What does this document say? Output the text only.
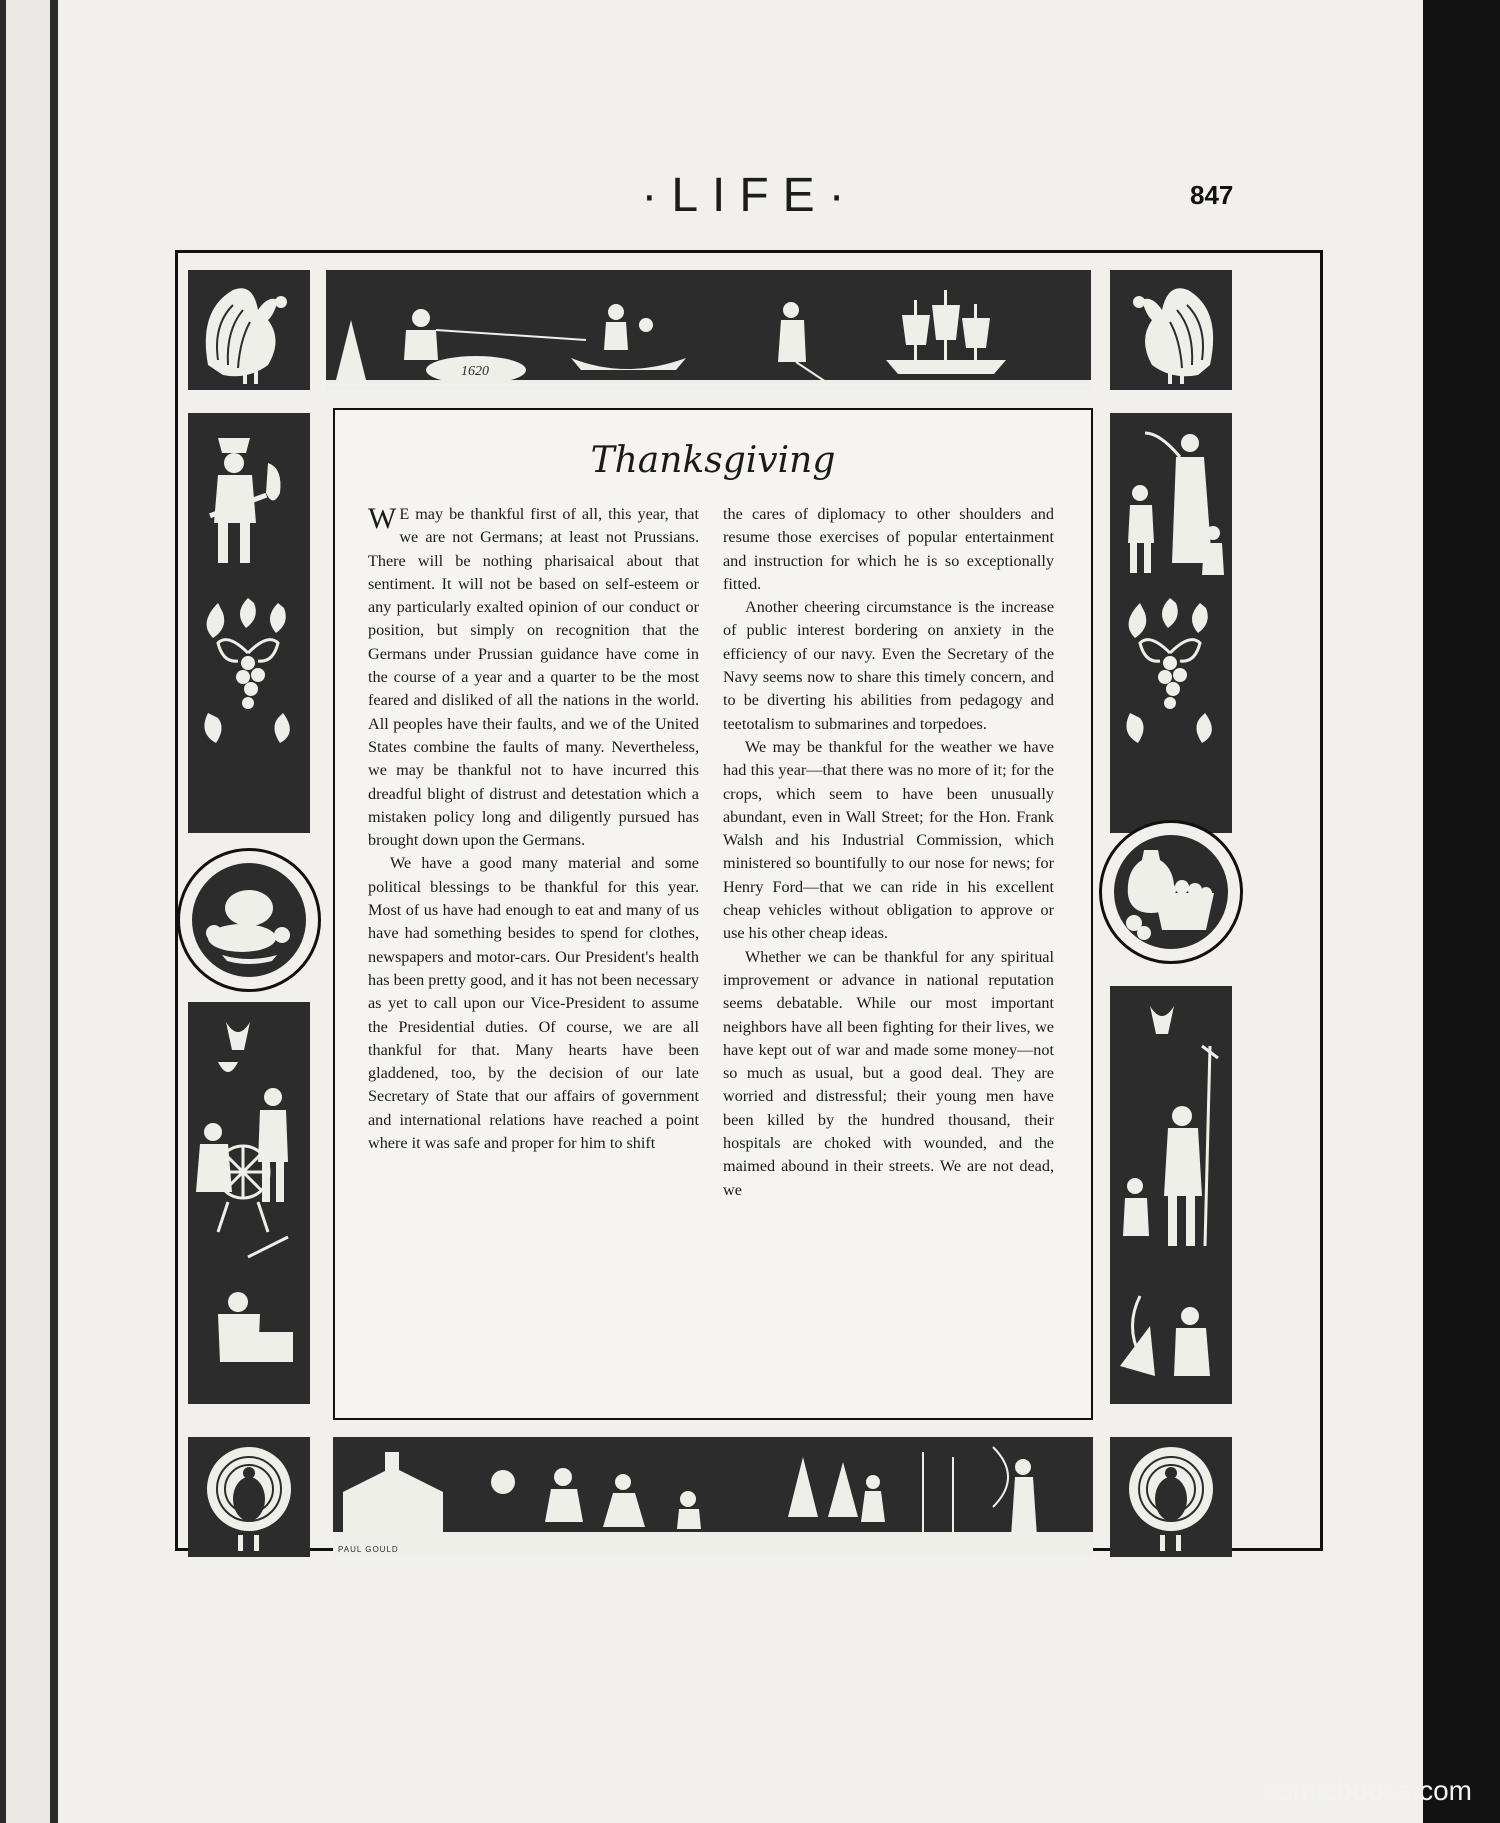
·LIFE·	847
1620
PAUL GOULD
Thanksgiving

W E may be thankful first of all, this year, that we are not Germans; at least not Prussians. There will be nothing pharisaical about that sentiment. It will not be based on self-esteem or any particularly exalted opinion of our conduct or position, but simply on recognition that the Germans under Prussian guidance have come in the course of a year and a quarter to be the most feared and disliked of all the nations in the world. All peoples have their faults, and we of the United States combine the faults of many. Nevertheless, we may be thankful not to have incurred this dreadful blight of distrust and detestation which a mistaken policy long and diligently pursued has brought down upon the Germans.

We have a good many material and some political blessings to be thankful for this year. Most of us have had enough to eat and many of us have had something besides to spend for clothes, newspapers and motor-cars. Our President's health has been pretty good, and it has not been necessary as yet to call upon our Vice-President to assume the Presidential duties. Of course, we are all thankful for that. Many hearts have been gladdened, too, by the decision of our late Secretary of State that our affairs of government and international relations have reached a point where it was safe and proper for him to shift

the cares of diplomacy to other shoulders and resume those exercises of popular entertainment and instruction for which he is so exceptionally fitted.

Another cheering circumstance is the increase of public interest bordering on anxiety in the efficiency of our navy. Even the Secretary of the Navy seems now to share this timely concern, and to be diverting his abilities from pedagogy and teetotalism to submarines and torpedoes.

We may be thankful for the weather we have had this year—that there was no more of it; for the crops, which seem to have been unusually abundant, even in Wall Street; for the Hon. Frank Walsh and his Industrial Commission, which ministered so bountifully to our nose for news; for Henry Ford—that we can ride in his excellent cheap vehicles without obligation to approve or use his other cheap ideas.

Whether we can be thankful for any spiritual improvement or advance in national reputation seems debatable. While our most important neighbors have all been fighting for their lives, we have kept out of war and made some money—not so much as usual, but a good deal. They are worried and distressful; their young men have been killed by the hundred thousand, their hospitals are choked with wounded, and the maimed abound in their streets. We are not dead, we

comicbooks.com
